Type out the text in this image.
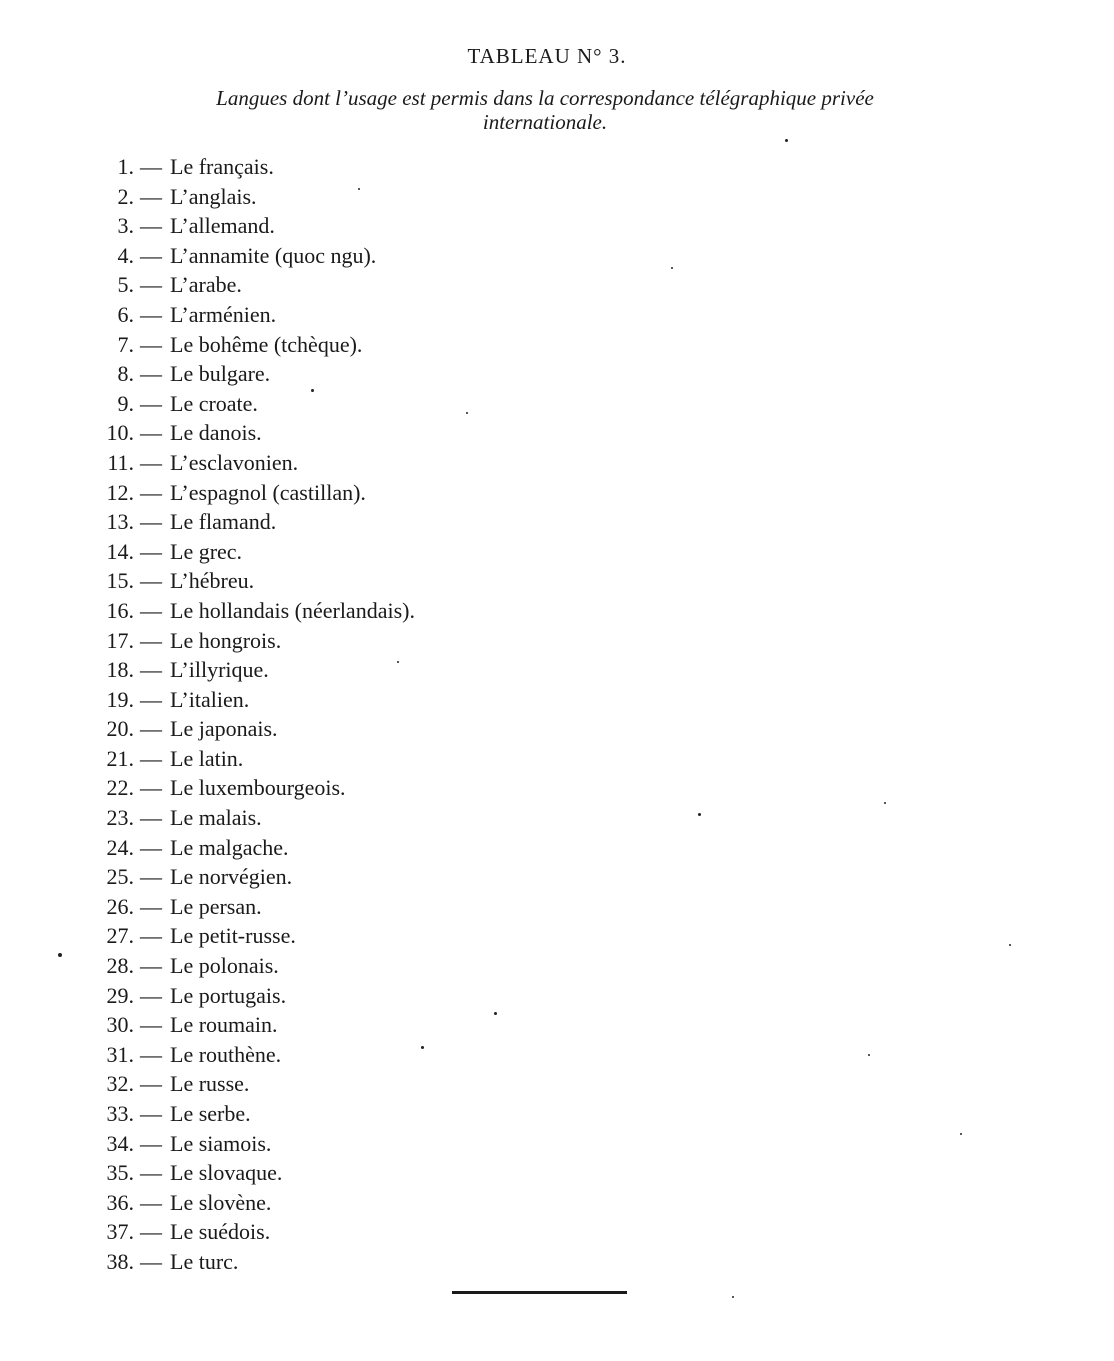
TABLEAU N° 3.
Langues dont l’usage est permis dans la correspondance télégraphique privée
internationale.
1. — Le français.
2. — L’anglais.
3. — L’allemand.
4. — L’annamite (quoc ngu).
5. — L’arabe.
6. — L’arménien.
7. — Le bohême (tchèque).
8. — Le bulgare.
9. — Le croate.
10. — Le danois.
11. — L’esclavonien.
12. — L’espagnol (castillan).
13. — Le flamand.
14. — Le grec.
15. — L’hébreu.
16. — Le hollandais (néerlandais).
17. — Le hongrois.
18. — L’illyrique.
19. — L’italien.
20. — Le japonais.
21. — Le latin.
22. — Le luxembourgeois.
23. — Le malais.
24. — Le malgache.
25. — Le norvégien.
26. — Le persan.
27. — Le petit-russe.
28. — Le polonais.
29. — Le portugais.
30. — Le roumain.
31. — Le routhène.
32. — Le russe.
33. — Le serbe.
34. — Le siamois.
35. — Le slovaque.
36. — Le slovène.
37. — Le suédois.
38. — Le turc.
